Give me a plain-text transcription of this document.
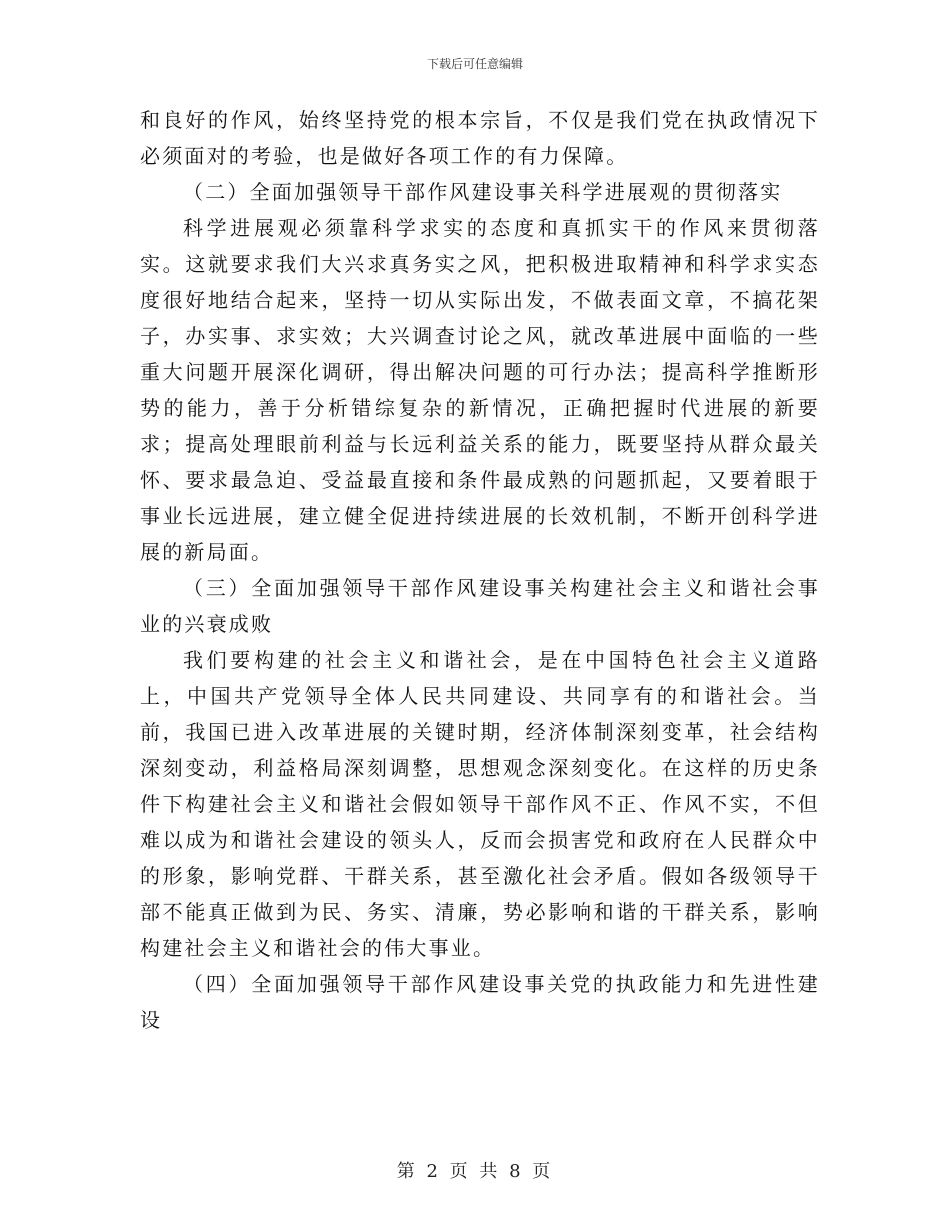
下载后可任意编辑

和良好的作风，始终坚持党的根本宗旨，不仅是我们党在执政情况下必须面对的考验，也是做好各项工作的有力保障。

（二）全面加强领导干部作风建设事关科学进展观的贯彻落实

科学进展观必须靠科学求实的态度和真抓实干的作风来贯彻落实。这就要求我们大兴求真务实之风，把积极进取精神和科学求实态度很好地结合起来，坚持一切从实际出发，不做表面文章，不搞花架子，办实事、求实效；大兴调查讨论之风，就改革进展中面临的一些重大问题开展深化调研，得出解决问题的可行办法；提高科学推断形势的能力，善于分析错综复杂的新情况，正确把握时代进展的新要求；提高处理眼前利益与长远利益关系的能力，既要坚持从群众最关怀、要求最急迫、受益最直接和条件最成熟的问题抓起，又要着眼于事业长远进展，建立健全促进持续进展的长效机制，不断开创科学进展的新局面。

（三）全面加强领导干部作风建设事关构建社会主义和谐社会事业的兴衰成败

我们要构建的社会主义和谐社会，是在中国特色社会主义道路上，中国共产党领导全体人民共同建设、共同享有的和谐社会。当前，我国已进入改革进展的关键时期，经济体制深刻变革，社会结构深刻变动，利益格局深刻调整，思想观念深刻变化。在这样的历史条件下构建社会主义和谐社会假如领导干部作风不正、作风不实，不但难以成为和谐社会建设的领头人，反而会损害党和政府在人民群众中的形象，影响党群、干群关系，甚至激化社会矛盾。假如各级领导干部不能真正做到为民、务实、清廉，势必影响和谐的干群关系，影响构建社会主义和谐社会的伟大事业。

（四）全面加强领导干部作风建设事关党的执政能力和先进性建设

第 2 页 共 8 页
